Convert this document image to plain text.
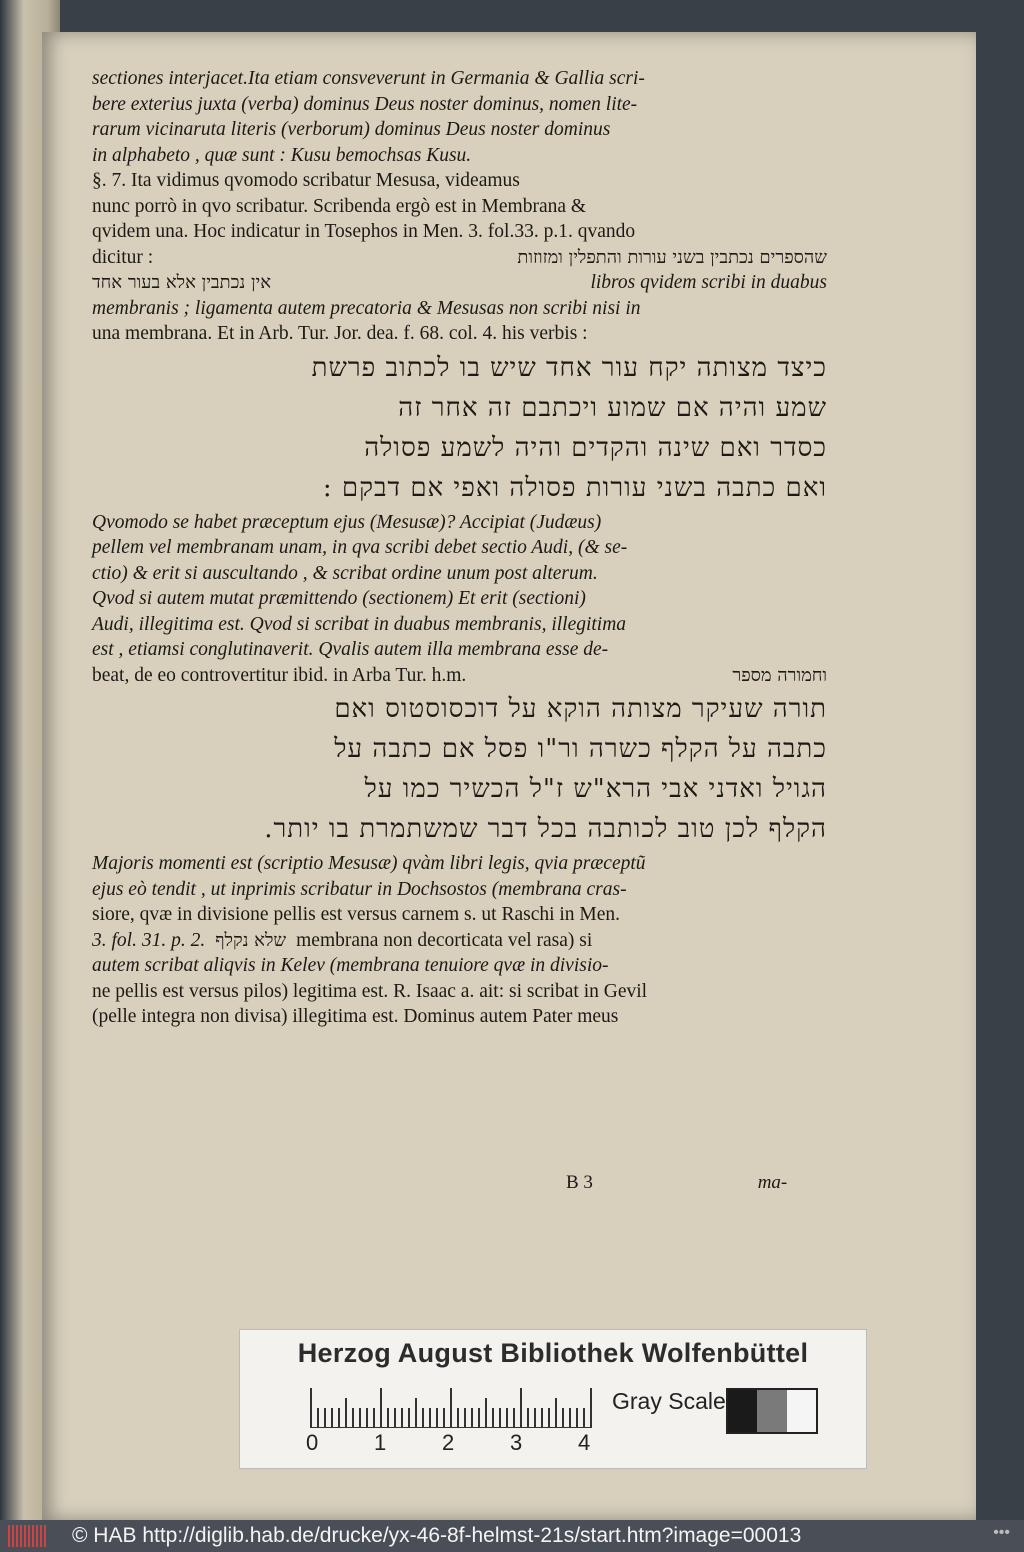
sectiones interjacet.Ita etiam consveverunt in Germania & Gallia scri-
bere exterius juxta (verba) dominus Deus noster dominus, nomen lite-
rarum vicinaruta literis (verborum) dominus Deus noster dominus
in alphabeto , quæ sunt : Kusu bemochsas Kusu.
§. 7. Ita vidimus qvomodo scribatur Mesusa, videamus
nunc porrò in qvo scribatur. Scribenda ergò est in Membrana &
qvidem una. Hoc indicatur in Tosephos in Men. 3. fol.33. p.1. qvando
dicitur :	שהספרים נכתבין בשני עורות והתפלין ומזוזות
אין נכתבין אלא בעור אחד	libros qvidem scribi in duabus
membranis ; ligamenta autem precatoria & Mesusas non scribi nisi in
una membrana. Et in Arb. Tur. Jor. dea. f. 68. col. 4. his verbis :
כיצד מצותה יקח עור אחד שיש בו לכתוב פרשת
שמע והיה אם שמוע ויכתבם זה אחר זה
כסדר ואם שינה והקדים והיה לשמע פסולה
ואם כתבה בשני עורות פסולה ואפי אם דבקם :
Qvomodo se habet præceptum ejus (Mesusæ)? Accipiat (Judæus)
pellem vel membranam unam, in qva scribi debet sectio Audi, (& se-
ctio) & erit si auscultando , & scribat ordine unum post alterum.
Qvod si autem mutat præmittendo (sectionem) Et erit (sectioni)
Audi, illegitima est. Qvod si scribat in duabus membranis, illegitima
est , etiamsi conglutinaverit. Qvalis autem illa membrana esse de-
beat, de eo controvertitur ibid. in Arba Tur. h.m.	וחמורה מספר
תורה שעיקר מצותה הוקא על דוכסוסטוס ואם
כתבה על הקלף כשרה ור"ו פסל אם כתבה על
הגויל ואדני אבי הרא"ש ז"ל הכשיר כמו על
הקלף לכן טוב לכותבה בכל דבר שמשתמרת בו יותר.
Majoris momenti est (scriptio Mesusæ) qvàm libri legis, qvia præceptũ
ejus eò tendit , ut inprimis scribatur in Dochsostos (membrana cras-
siore, qvæ in divisione pellis est versus carnem s. ut Raschi in Men.
3. fol. 31. p. 2. שלא נקלף membrana non decorticata vel rasa) si
autem scribat aliqvis in Kelev (membrana tenuiore qvæ in divisio-
ne pellis est versus pilos) legitima est. R. Isaac a. ait: si scribat in Gevil
(pelle integra non divisa) illegitima est. Dominus autem Pater meus
B 3	ma-
Herzog August Bibliothek Wolfenbüttel
0	1	2	3	4
Gray Scale
© HAB http://diglib.hab.de/drucke/yx-46-8f-helmst-21s/start.htm?image=00013	•••
